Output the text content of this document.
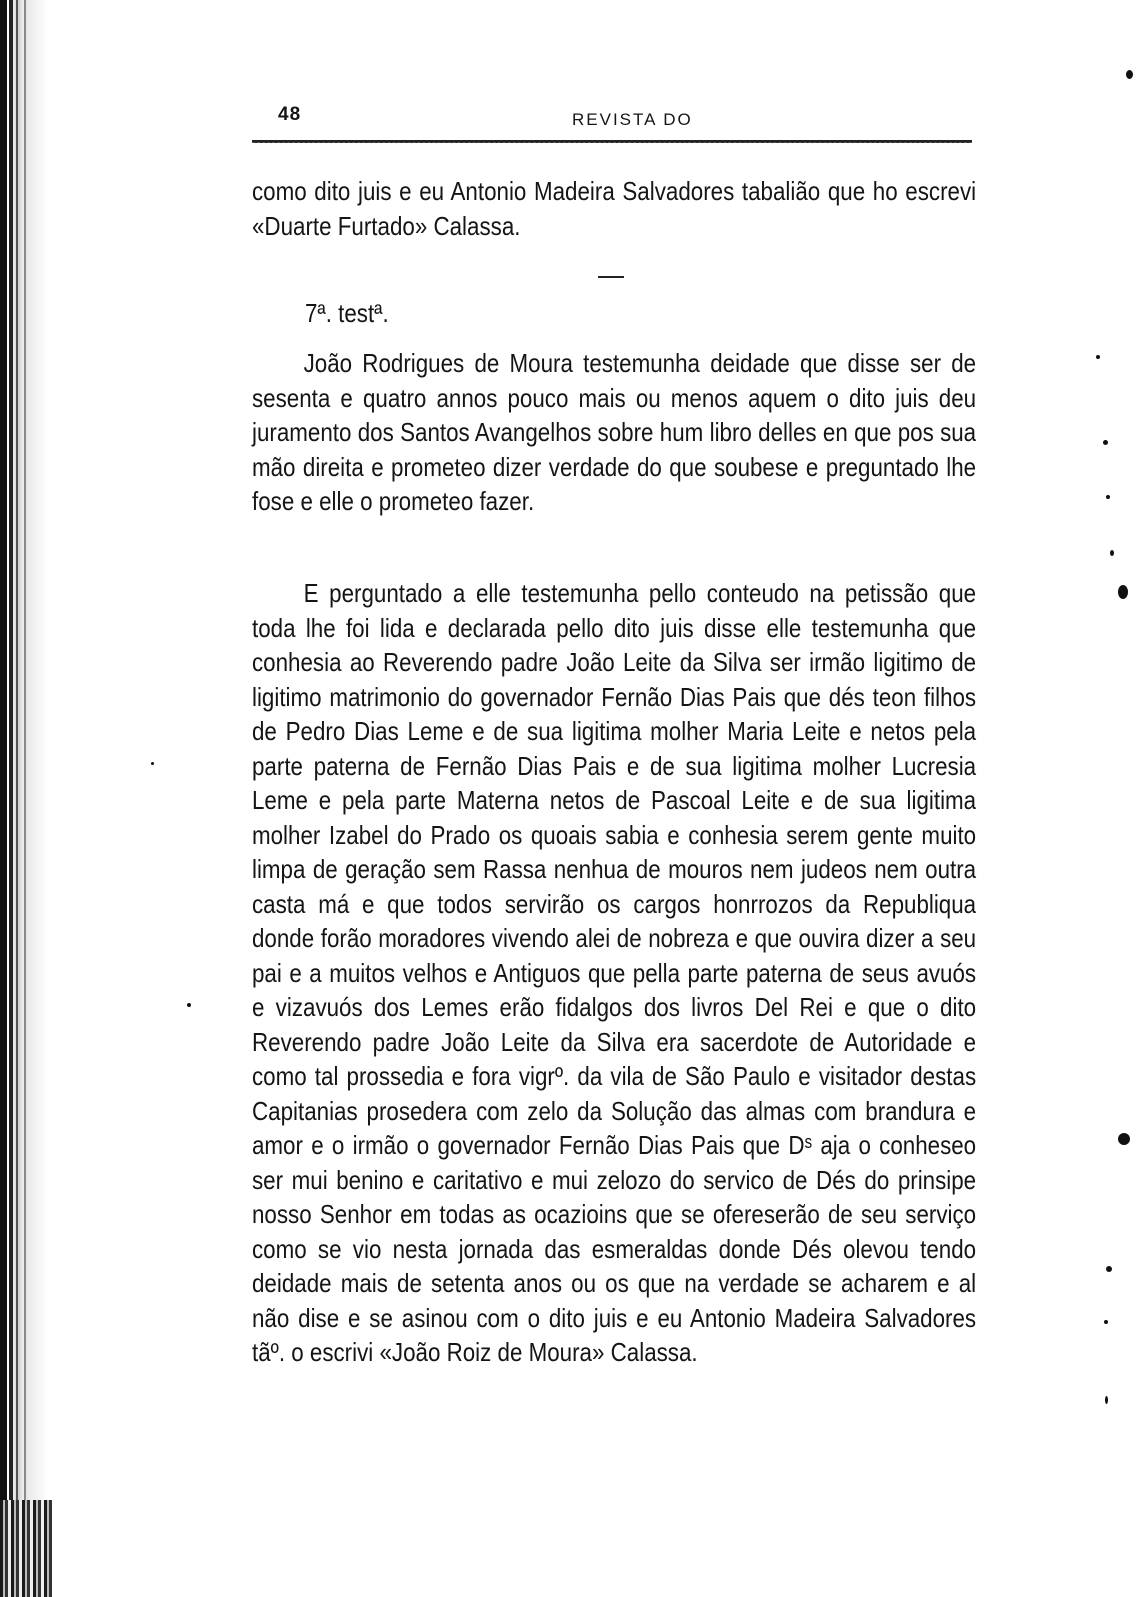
48	REVISTA DO

como dito juis e eu Antonio Madeira Salvadores tabalião que ho escrevi «Duarte Furtado» Calassa.

7ª. testª.

João Rodrigues de Moura testemunha deidade que disse ser de sesenta e quatro annos pouco mais ou menos aquem o dito juis deu juramento dos Santos Avangelhos sobre hum libro delles en que pos sua mão direita e prometeo dizer verdade do que soubese e preguntado lhe fose e elle o prometeo fazer.

E perguntado a elle testemunha pello conteudo na petissão que toda lhe foi lida e declarada pello dito juis disse elle testemunha que conhesia ao Reverendo padre João Leite da Silva ser irmão ligitimo de ligitimo matrimonio do governador Fernão Dias Pais que dés teon filhos de Pedro Dias Leme e de sua ligitima molher Maria Leite e netos pela parte paterna de Fernão Dias Pais e de sua ligitima molher Lucresia Leme e pela parte Materna netos de Pascoal Leite e de sua ligitima molher Izabel do Prado os quoais sabia e conhesia serem gente muito limpa de geração sem Rassa nenhua de mouros nem judeos nem outra casta má e que todos servirão os cargos honrrozos da Republiqua donde forão moradores vivendo alei de nobreza e que ouvira dizer a seu pai e a muitos velhos e Antiguos que pella parte paterna de seus avuós e vizavuós dos Lemes erão fidalgos dos livros Del Rei e que o dito Reverendo padre João Leite da Silva era sacerdote de Autoridade e como tal prossedia e fora vigrº. da vila de São Paulo e visitador destas Capitanias prosedera com zelo da Solução das almas com brandura e amor e o irmão o governador Fernão Dias Pais que Dˢ aja o conheseo ser mui benino e caritativo e mui zelozo do servico de Dés do prinsipe nosso Senhor em todas as ocazioins que se ofereserão de seu serviço como se vio nesta jornada das esmeraldas donde Dés olevou tendo deidade mais de setenta anos ou os que na verdade se acharem e al não dise e se asinou com o dito juis e eu Antonio Madeira Salvadores tãº. o escrivi «João Roiz de Moura» Calassa.
